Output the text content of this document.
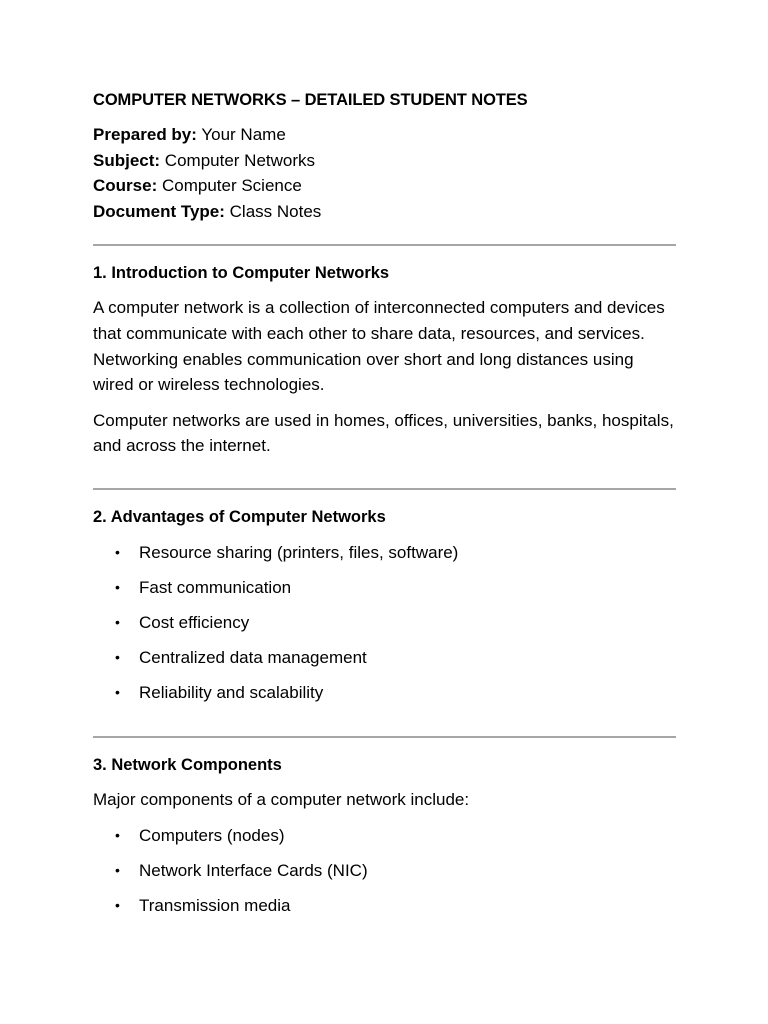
COMPUTER NETWORKS – DETAILED STUDENT NOTES

Prepared by: Your Name

Subject: Computer Networks

Course: Computer Science

Document Type: Class Notes

1. Introduction to Computer Networks

A computer network is a collection of interconnected computers and devices that communicate with each other to share data, resources, and services. Networking enables communication over short and long distances using wired or wireless technologies.

Computer networks are used in homes, offices, universities, banks, hospitals, and across the internet.

2. Advantages of Computer Networks
• Resource sharing (printers, files, software)
• Fast communication
• Cost efficiency
• Centralized data management
• Reliability and scalability
3. Network Components

Major components of a computer network include:

• Computers (nodes)
• Network Interface Cards (NIC)
• Transmission media
